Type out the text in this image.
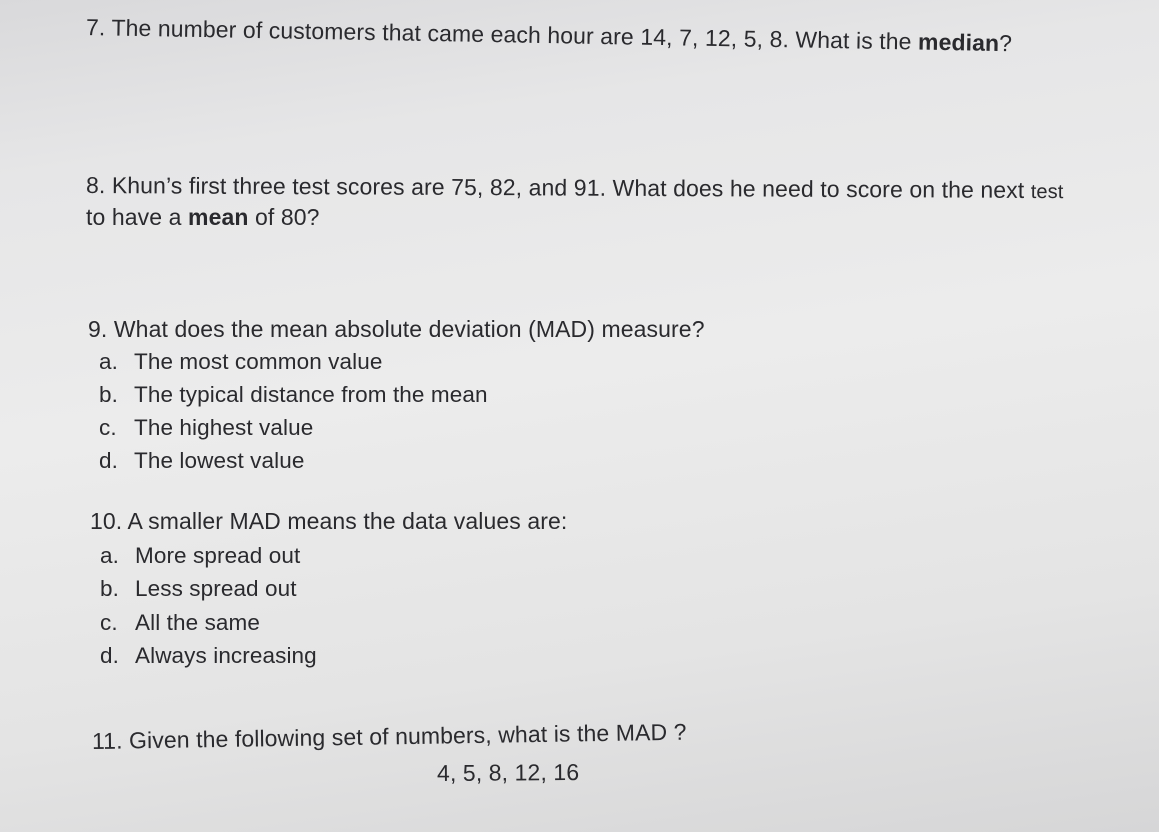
7. The number of customers that came each hour are 14, 7, 12, 5, 8. What is the median?
8. Khun’s first three test scores are 75, 82, and 91. What does he need to score on the next test
to have a mean of 80?
9. What does the mean absolute deviation (MAD) measure?
a. The most common value
b. The typical distance from the mean
c. The highest value
d. The lowest value
10. A smaller MAD means the data values are:
a. More spread out
b. Less spread out
c. All the same
d. Always increasing
11. Given the following set of numbers, what is the MAD ?
4, 5, 8, 12, 16
